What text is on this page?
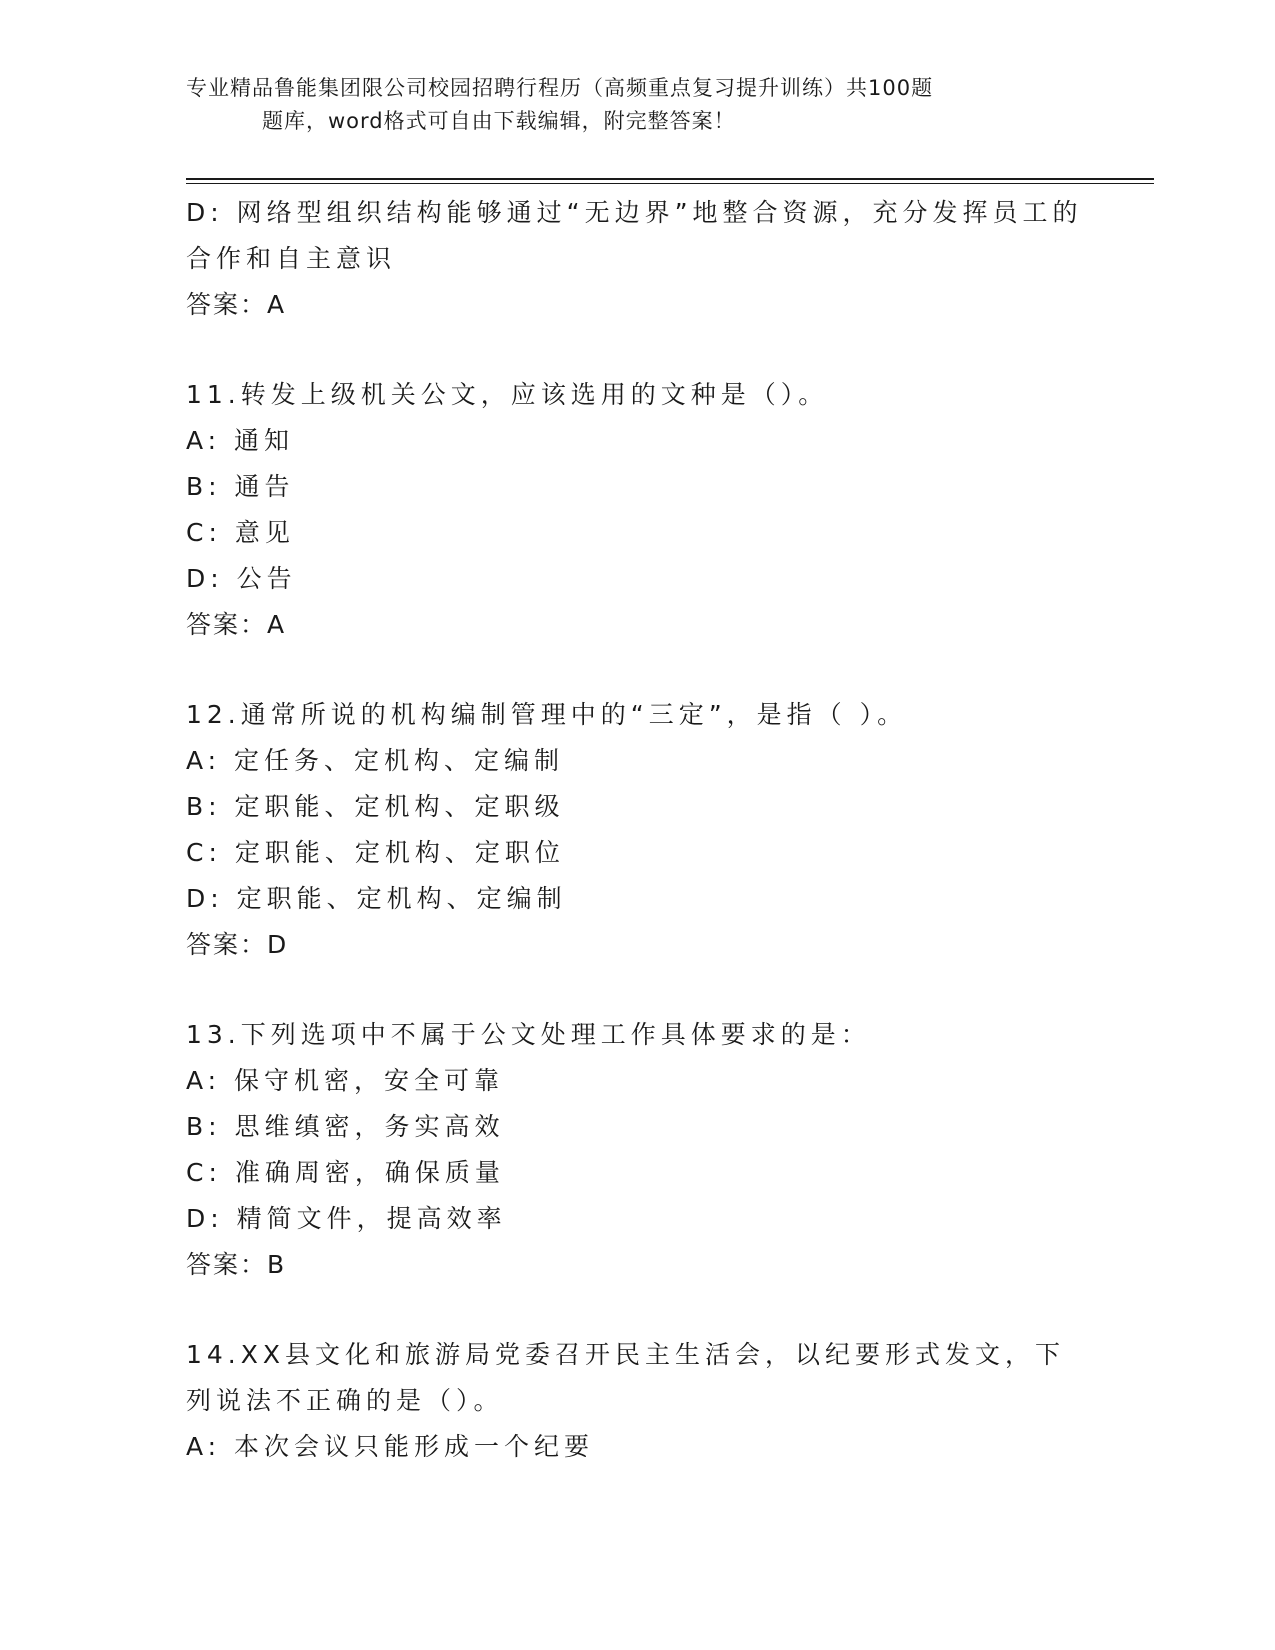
专业精品鲁能集团限公司校园招聘行程历（高频重点复习提升训练）共100题
题库，word格式可自由下载编辑，附完整答案！

D: 网络型组织结构能够通过“无边界”地整合资源，充分发挥员工的合作和自主意识

答案：A

11.转发上级机关公文，应该选用的文种是（）。

A: 通知

B: 通告

C: 意见

D: 公告

答案：A

12.通常所说的机构编制管理中的“三定”，是指（ ）。

A: 定任务、定机构、定编制

B: 定职能、定机构、定职级

C: 定职能、定机构、定职位

D: 定职能、定机构、定编制

答案：D

13.下列选项中不属于公文处理工作具体要求的是：

A: 保守机密，安全可靠

B: 思维缜密，务实高效

C: 准确周密，确保质量

D: 精简文件，提高效率

答案：B

14.XX县文化和旅游局党委召开民主生活会，以纪要形式发文，下列说法不正确的是（）。

A: 本次会议只能形成一个纪要
